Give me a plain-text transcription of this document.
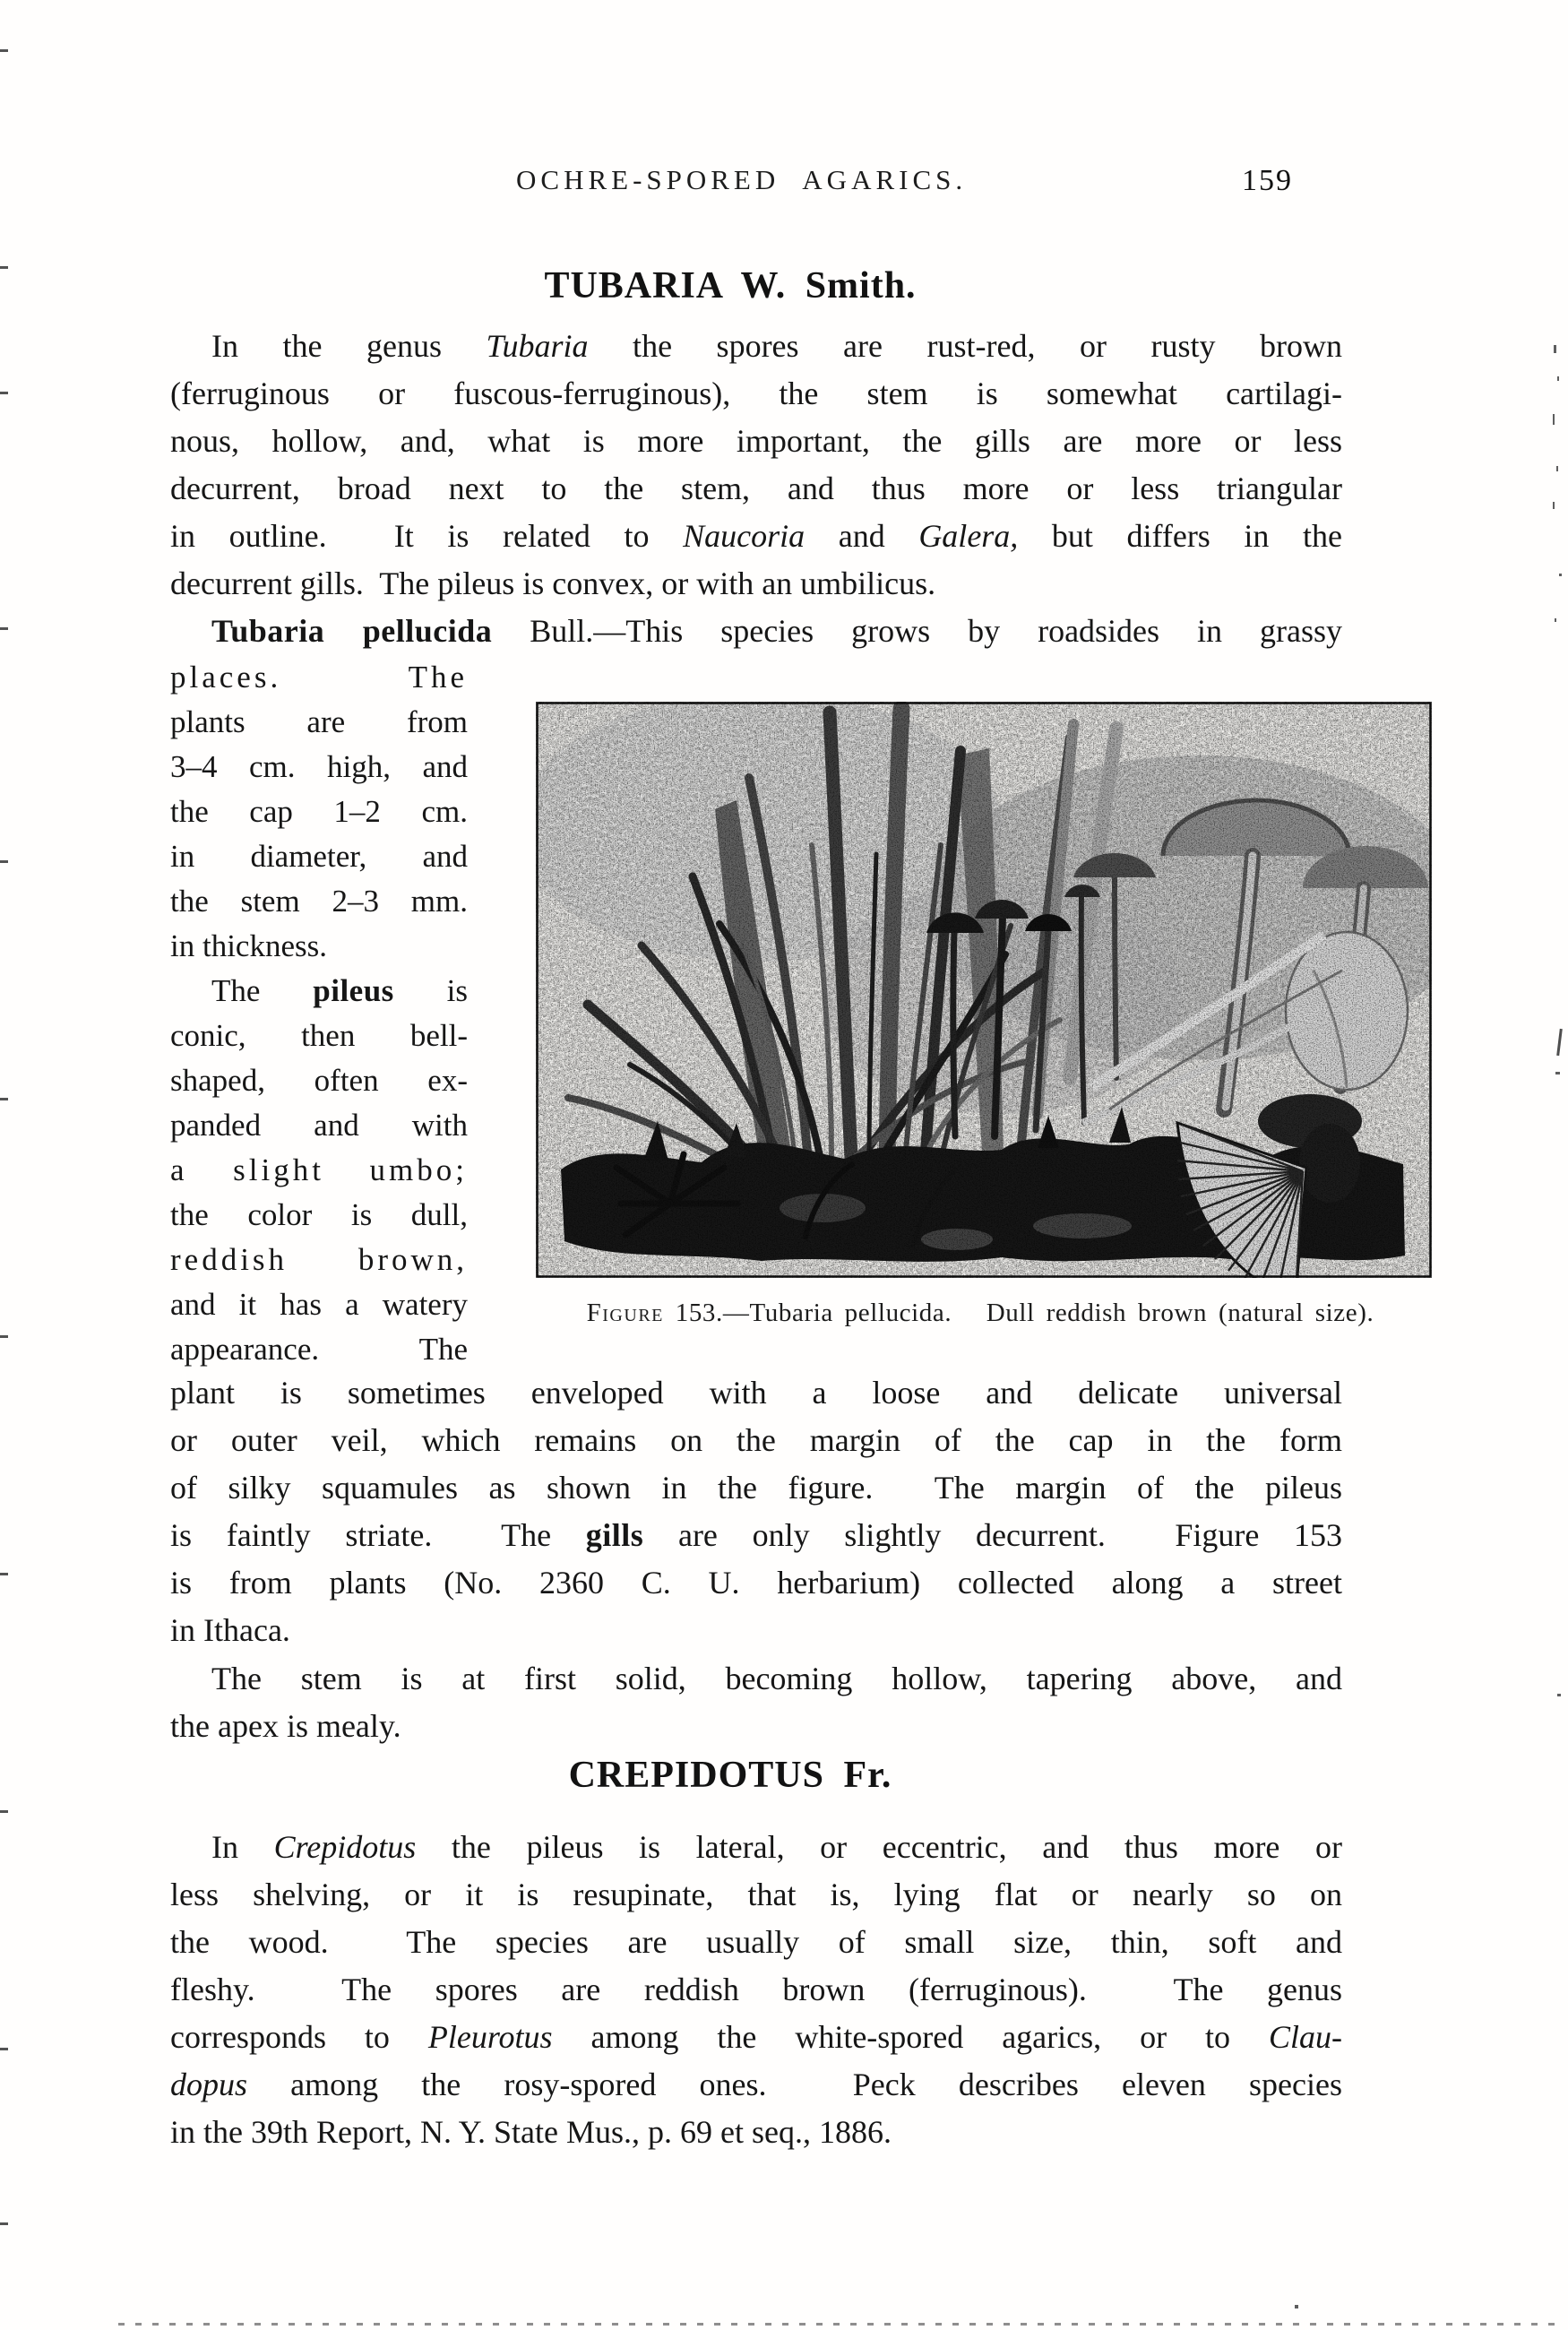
OCHRE-SPORED AGARICS.	159
TUBARIA W. Smith.
In the genus Tubaria the spores are rust-red, or rusty brown
(ferruginous or fuscous-ferruginous), the stem is somewhat cartilagi-
nous, hollow, and, what is more important, the gills are more or less
decurrent, broad next to the stem, and thus more or less triangular
in outline.  It is related to Naucoria and Galera, but differs in the
decurrent gills.  The pileus is convex, or with an umbilicus.
Tubaria pellucida Bull.—This species grows by roadsides in grassy
places.  The
plants are from
3–4 cm. high, and
the cap 1–2 cm.
in diameter, and
the stem 2–3 mm.
in thickness.
The pileus is
conic, then bell-
shaped, often ex-
panded and with
a slight umbo;
the color is dull,
reddish brown,
and it has a watery
appearance.  The
Figure 153.—Tubaria pellucida.   Dull reddish brown (natural size).
plant is sometimes enveloped with a loose and delicate universal
or outer veil, which remains on the margin of the cap in the form
of silky squamules as shown in the figure.  The margin of the pileus
is faintly striate.  The gills are only slightly decurrent.  Figure 153
is from plants (No. 2360 C. U. herbarium) collected along a street
in Ithaca.
The stem is at first solid, becoming hollow, tapering above, and
the apex is mealy.
CREPIDOTUS Fr.
In Crepidotus the pileus is lateral, or eccentric, and thus more or
less shelving, or it is resupinate, that is, lying flat or nearly so on
the wood.  The species are usually of small size, thin, soft and
fleshy.  The spores are reddish brown (ferruginous).  The genus
corresponds to Pleurotus among the white-spored agarics, or to Clau-
dopus among the rosy-spored ones.  Peck describes eleven species
in the 39th Report, N. Y. State Mus., p. 69 et seq., 1886.
